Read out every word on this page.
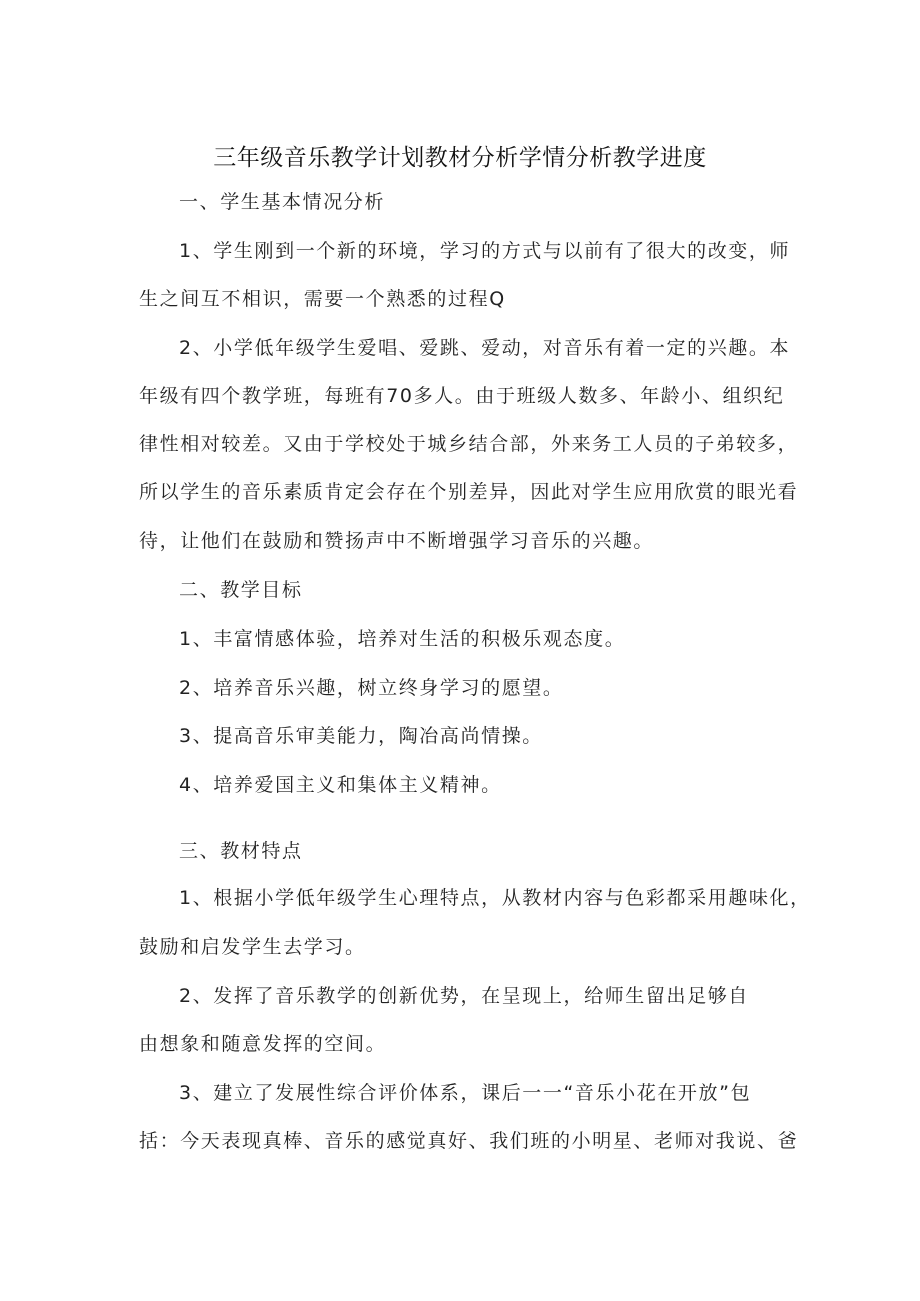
三年级音乐教学计划教材分析学情分析教学进度

一、学生基本情况分析

1、学生刚到一个新的环境，学习的方式与以前有了很大的改变，师

生之间互不相识，需要一个熟悉的过程Q

2、小学低年级学生爱唱、爱跳、爱动，对音乐有着一定的兴趣。本

年级有四个教学班，每班有70多人。由于班级人数多、年龄小、组织纪

律性相对较差。又由于学校处于城乡结合部，外来务工人员的子弟较多，

所以学生的音乐素质肯定会存在个别差异，因此对学生应用欣赏的眼光看

待，让他们在鼓励和赞扬声中不断增强学习音乐的兴趣。

二、教学目标

1、丰富情感体验，培养对生活的积极乐观态度。

2、培养音乐兴趣，树立终身学习的愿望。

3、提高音乐审美能力，陶冶高尚情操。

4、培养爱国主义和集体主义精神。

三、教材特点

1、根据小学低年级学生心理特点，从教材内容与色彩都采用趣味化，

鼓励和启发学生去学习。

2、发挥了音乐教学的创新优势，在呈现上，给师生留出足够自

由想象和随意发挥的空间。

3、建立了发展性综合评价体系，课后一一“音乐小花在开放”包

括：今天表现真棒、音乐的感觉真好、我们班的小明星、老师对我说、爸
